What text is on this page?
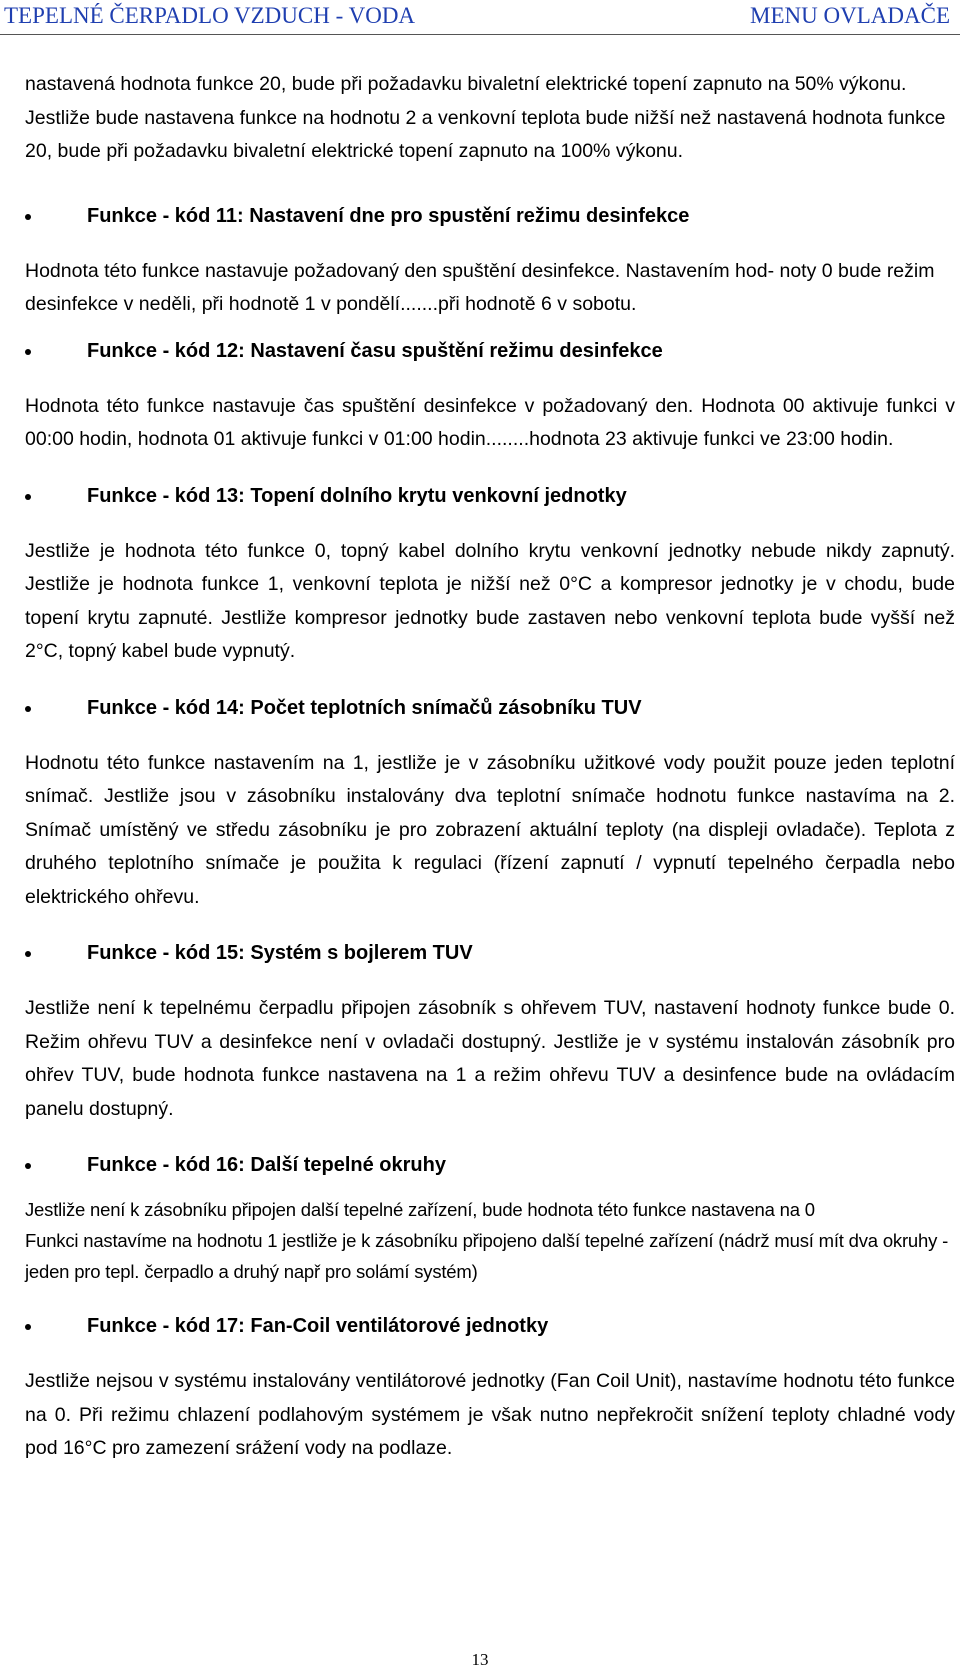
TEPELNÉ ČERPADLO VZDUCH - VODA	MENU OVLADAČE

nastavená hodnota funkce 20, bude při požadavku bivaletní elektrické topení zapnuto na 50% výkonu. Jestliže bude nastavena funkce na hodnotu 2 a venkovní teplota bude nižší než nastavená hodnota funkce 20, bude při požadavku bivaletní elektrické topení zapnuto na 100% výkonu.

Funkce - kód 11: Nastavení dne pro spustění režimu desinfekce

Hodnota této funkce nastavuje požadovaný den spuštění desinfekce. Nastavením hod- noty 0 bude režim desinfekce v neděli, při hodnotě 1 v pondělí.......při hodnotě 6 v sobotu.

Funkce - kód 12: Nastavení času spuštění režimu desinfekce

Hodnota této funkce nastavuje čas spuštění desinfekce v požadovaný den. Hodnota 00 aktivuje funkci v 00:00 hodin, hodnota 01 aktivuje funkci v 01:00 hodin........hodnota 23 aktivuje funkci ve 23:00 hodin.

Funkce - kód 13: Topení dolního krytu venkovní jednotky

Jestliže je hodnota této funkce 0, topný kabel dolního krytu venkovní jednotky nebude nikdy zapnutý. Jestliže je hodnota funkce 1, venkovní teplota je nižší než 0°C a kompresor jednotky je v chodu, bude topení krytu zapnuté. Jestliže kompresor jednotky bude zastaven nebo venkovní teplota bude vyšší než 2°C, topný kabel bude vypnutý.

Funkce - kód 14: Počet teplotních snímačů zásobníku TUV

Hodnotu této funkce nastavením na 1, jestliže je v zásobníku užitkové vody použit pouze jeden teplotní snímač. Jestliže jsou v zásobníku instalovány dva teplotní snímače hodnotu funkce nastavíma na 2. Snímač umístěný ve středu zásobníku je pro zobrazení aktuální teploty (na displeji ovladače). Teplota z druhého teplotního snímače je použita k regulaci (řízení zapnutí / vypnutí tepelného čerpadla nebo elektrického ohřevu.

Funkce - kód 15: Systém s bojlerem TUV

Jestliže není k tepelnému čerpadlu připojen zásobník s ohřevem TUV, nastavení hodnoty funkce bude 0. Režim ohřevu TUV a desinfekce není v ovladači dostupný. Jestliže je v systému instalován zásobník pro ohřev TUV, bude hodnota funkce nastavena na 1 a režim ohřevu TUV a desinfence bude na ovládacím panelu dostupný.

Funkce - kód 16: Další tepelné okruhy

Jestliže není k zásobníku připojen další tepelné zařízení, bude hodnota této funkce nastavena na 0

Funkci nastavíme na hodnotu 1 jestliže je k zásobníku připojeno další tepelné zařízení (nádrž musí mít dva okruhy - jeden pro tepl. čerpadlo a druhý např pro solámí systém)

Funkce - kód 17: Fan-Coil ventilátorové jednotky

Jestliže nejsou v systému instalovány ventilátorové jednotky (Fan Coil Unit), nastavíme hodnotu této funkce na 0. Při režimu chlazení podlahovým systémem je však nutno nepřekročit snížení teploty chladné vody pod 16°C pro zamezení srážení vody na podlaze.

13
